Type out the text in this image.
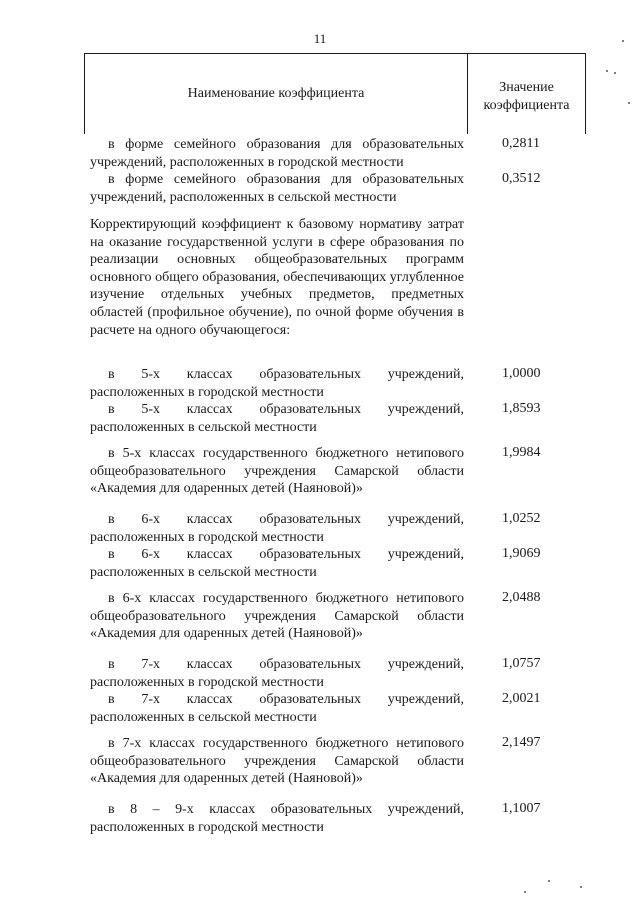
11
Наименование коэффициента	Значение
коэффициента
в форме семейного образования для образовательных учреждений, расположенных в городской местности
0,2811
в форме семейного образования для образовательных учреждений, расположенных в сельской местности
0,3512
Корректирующий коэффициент к базовому нормативу затрат на оказание государственной услуги в сфере образования по реализации основных общеобразовательных программ основного общего образования, обеспечивающих углубленное изучение отдельных учебных предметов, предметных областей (профильное обучение), по очной форме обучения в расчете на одного обучающегося:
в 5-х классах образовательных учреждений, расположенных в городской местности
1,0000
в 5-х классах образовательных учреждений, расположенных в сельской местности
1,8593
в 5-х классах государственного бюджетного нетипового общеобразовательного учреждения Самарской области «Академия для одаренных детей (Наяновой)»
1,9984
в 6-х классах образовательных учреждений, расположенных в городской местности
1,0252
в 6-х классах образовательных учреждений, расположенных в сельской местности
1,9069
в 6-х классах государственного бюджетного нетипового общеобразовательного учреждения Самарской области «Академия для одаренных детей (Наяновой)»
2,0488
в 7-х классах образовательных учреждений, расположенных в городской местности
1,0757
в 7-х классах образовательных учреждений, расположенных в сельской местности
2,0021
в 7-х классах государственного бюджетного нетипового общеобразовательного учреждения Самарской области «Академия для одаренных детей (Наяновой)»
2,1497
в 8 – 9-х классах образовательных учреждений, расположенных в городской местности
1,1007
